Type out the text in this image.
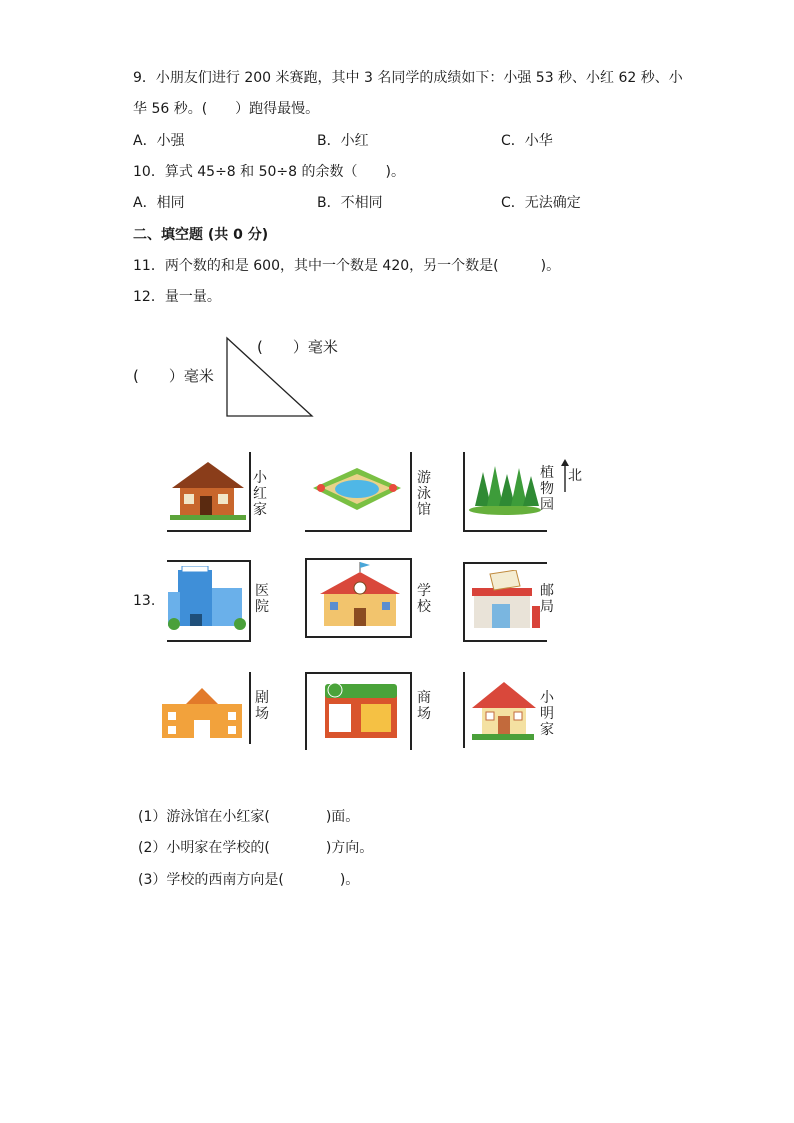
9．小朋友们进行 200 米赛跑，其中 3 名同学的成绩如下：小强 53 秒、小红 62 秒、小
华 56 秒。(　　）跑得最慢。
A．小强	B．小红	C．小华
10．算式 45÷8 和 50÷8 的余数（　　)。
A．相同	B．不相同	C．无法确定
二、填空题 (共 0 分)
11．两个数的和是 600，其中一个数是 420，另一个数是(　　　)。
12．量一量。
(　　）毫米
(　　）毫米
13.
小
红
家
游
泳
馆
植
物
园
北
医
院
学
校
邮
局
剧
场
商
场
小
明
家
(1）游泳馆在小红家(　　　　)面。
(2）小明家在学校的(　　　　)方向。
(3）学校的西南方向是(　　　　)。
